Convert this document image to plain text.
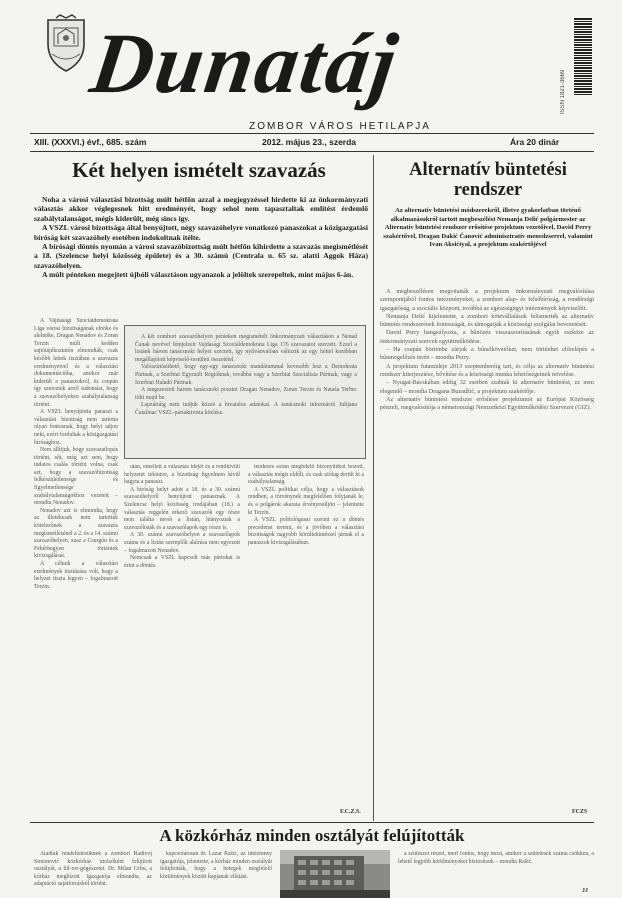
Dunatáj
ZOMBOR VÁROS HETILAPJA
ISSN 1821-3669
XIII. (XXXVI.) évf., 685. szám	2012. május 23., szerda	Ára 20 dinár
Két helyen ismételt szavazás

Noha a városi választási bizottság múlt hétfőn azzal a megjegyzéssel hirdette ki az önkormányzati választás akkor véglegesnek hitt eredményét, hogy sehol nem tapasztaltak említést érdemlő szabálytalanságot, mégis kiderült, még sincs így.

A VSZL városi bizottsága által benyújtott, négy szavazóhelyre vonatkozó panaszokat a közigazgatási bíróság két szavazóhely esetében indokoltnak ítélte.

A bírósági döntés nyomán a városi szavazóbizottság múlt hétfőn kihirdette a szavazás megismétlését a 18. (Szelencse helyi közösség épülete) és a 30. számú (Centrala u. 65 sz. alatti Aggok Háza) szavazóhelyen.

A múlt pénteken megejtett újbóli választáson ugyanazok a jelöltek szerepeltek, mint május 6-án.

A Vajdasági Szociáldemokrata Liga városi bizottságának elnöke és alelnöke, Dragan Nenadov és Zoran Terzin múlt kedden sajtótájékoztatón elmondták, csak később lettek tisztában a szavazás eredményeivel és a választási dokumentációba, amikor már kiderült a panaszokról, és csupán így szereztek arról tudomást, hogy a szavazóhelyeken szabálytalanság történt.

A VSZL benyújtotta panaszt a választási bizottság nem tartotta olyan fontosnak, hogy helyt adjon neki, ezért fordultak a közigazgatási bírósághoz.

Nem állítjuk, hogy szavazatlopás történt, sőt, még azt sem, hogy tudatos csalás történt volna, csak azt, hogy a szavazóbizottság felkészületlensége és figyelmetlensége szabálytalanságokhoz vezetett – mondta Nenadov.

Nenadov azt is elmondta, hogy az illetékesek nem tartották kötelezőnek a szavazás megismétlésénél a 2. és a 14. számú szavazóhelyen, azaz a Csurgón és a Fehérhegyen történtek kivizsgálását.

A célunk a választási eredmények tisztázása volt, hogy a helyzet tiszta legyen – fogalmazott Terzin.

A két zombori szavazóhelyen pénteken megismételt önkormányzati választáson a Nenad Čanak nevével fémjelzett Vajdasági Szociáldemokrata Liga 176 szavazatot szerzett. Ezzel a listánk három tanácsnoki helyet szerzett, így nyilvánvalóan változik az egy héttel korábban megállapított képviselő-testületi összetétel.

Valószínűsíthető, hogy egy-egy tanácsnoki mandátummal kevesebb lesz a Demokrata Pártnak, a Szerbiai Egyesült Régióknak, továbbá vagy a Szerbiai Szocialista Pártnak, vagy a Szerbiai Haladó Pártnak.

A megszerzett három tanácsnoki posztot Dragan Nenadov, Zoran Terzin és Nataša Terbec tölti majd be.

Lapzártáig nem tudjuk közzé a hivatalos adatokat. A tanácsnoki információ Julijana Čatalinac VSZL-partaktivista közlése.

után, emellett a választás idejét és a rendkívüli helyzetet tekintve, a bizottság figyelmen kívül hagyta a panaszt.

A bíróság helyt adott a 18. és a 30. számú szavazóhelyről benyújtott panasznak. A Szelencse helyi közösség irodájában (18.) a választás reggelén érkező szavazók egy része nem találta nevét a listán, hiányoztak a szavazólisták és a szavazólapok egy része is.

A 30. számú szavazóhelyen a szavazólapok száma és a listán szereplők aláírása nem egyezett – fogalmazott Nenadov.

Nemcsak a VSZL kapcsolt más pártokat is érint a döntés.

tendezés során megfelelő bizonyítékot hozott, a választás mégis eldőlt, és csak utólag derült ki a szabálytalanság.

A VSZL politikai célja, hogy a választások rendben, a törvénynek megfelelően folyjanak le, és a polgárok akarata érvényesüljön – jelentette ki Terzin.

A VSZL politológusai szerint ez a döntés precedenst teremt, és a jövőben a választási bizottságok nagyobb körültekintéssel járnak el a panaszok kivizsgálásában.

F.C.Z.S.
Alternatív büntetési rendszer
Az alternatív büntetési módszerekről, illetve gyakorlatban történő alkalmazásukról tartott megbeszélést Nemanja Delić polgármester az Alternatív büntetési rendszer erősítése projektum vezetőivel, David Perry szakértővel, Dragan Dakić Čanović adminisztratív menedzserrel, valamint Ivan Aksićtyal, a projektum szakértőjével

A megbeszélésen megvitatták a projektum önkormányzati megvalósítása szempontjából fontos intézményeket, a zombori alap- és felsőbíróság, a rendőrségi igazgatóság, a szociális központ, továbbá az egészségügyi intézmények képviselőit.

Nemanja Delić kijelentette, a zombori kötevállalások felismerték az alternatív büntetés rendszerének fontosságát, és támogatják a közösségi szolgálat bevezetését.

David Perry hangsúlyozta, a bűnözés visszaszorításának egyik eszköze az önkormányzati szervek együttműködése.

– Ha csupán börtönbe zárjuk a bűnelkövetőket, nem történhet előrelépés a bűnmegelőzés terén – mondta Perry.

A projektum futamideje 2013 szeptemberéig tart, és célja az alternatív büntetési rendszer kiterjesztése, bővítése és a közösségi munka lehetőségeinek növelése.

– Nyugat-Bácskában eddig 32 esetben szabtak ki alternatív büntetést, ez nem elegendő – mondta Dragana Buzadžić, a projektum szakértője.

Az alternatív büntetési rendszer erősítése projektumot az Európai Közösség pénzeli, megvalósítója a németországi Nemzetközi Együttműködési Szervezet (GIZ).

FCZS
A közkórház minden osztályát felújították

Átadták rendeltetésüknek a zombori Radivoj Simonović közkórház utolsóként felújított osztályát, a fül-orr-gégészetet. Dr. Milan Grbu, a kórház megbízott igazgatója elmondta, az adaptáció sajátforrásból történt.

kapcsolatosan dr. Lazar Rašić, az intézmény igazgatója, jelentette, a kórház minden osztályát felújították, hogy a betegek megfelelő körülmények között kapjanak ellátást.

a szülészet részét, mert fontos, hogy most, amikor a születések száma csökken, a lehető legjobb körülményeket biztosítsuk – mondta Rašić.

JJ
